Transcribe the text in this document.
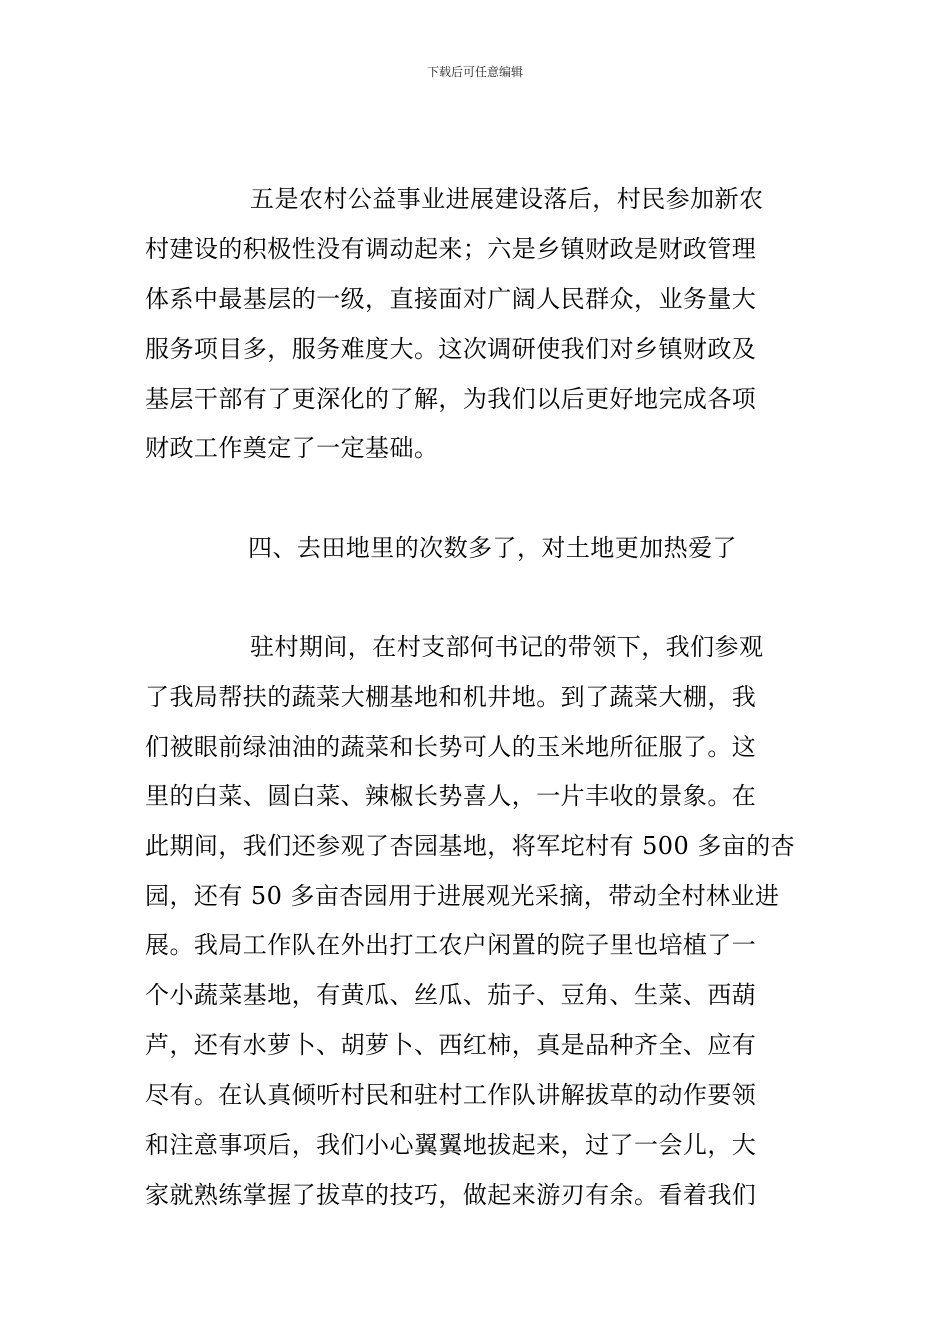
下载后可任意编辑
五是农村公益事业进展建设落后，村民参加新农
村建设的积极性没有调动起来；六是乡镇财政是财政管理
体系中最基层的一级，直接面对广阔人民群众，业务量大
服务项目多，服务难度大。这次调研使我们对乡镇财政及
基层干部有了更深化的了解，为我们以后更好地完成各项
财政工作奠定了一定基础。
四、去田地里的次数多了，对土地更加热爱了
驻村期间，在村支部何书记的带领下，我们参观
了我局帮扶的蔬菜大棚基地和机井地。到了蔬菜大棚，我
们被眼前绿油油的蔬菜和长势可人的玉米地所征服了。这
里的白菜、圆白菜、辣椒长势喜人，一片丰收的景象。在
此期间，我们还参观了杏园基地，将军坨村有 500 多亩的杏
园，还有 50 多亩杏园用于进展观光采摘，带动全村林业进
展。我局工作队在外出打工农户闲置的院子里也培植了一
个小蔬菜基地，有黄瓜、丝瓜、茄子、豆角、生菜、西葫
芦，还有水萝卜、胡萝卜、西红柿，真是品种齐全、应有
尽有。在认真倾听村民和驻村工作队讲解拔草的动作要领
和注意事项后，我们小心翼翼地拔起来，过了一会儿，大
家就熟练掌握了拔草的技巧，做起来游刃有余。看着我们
